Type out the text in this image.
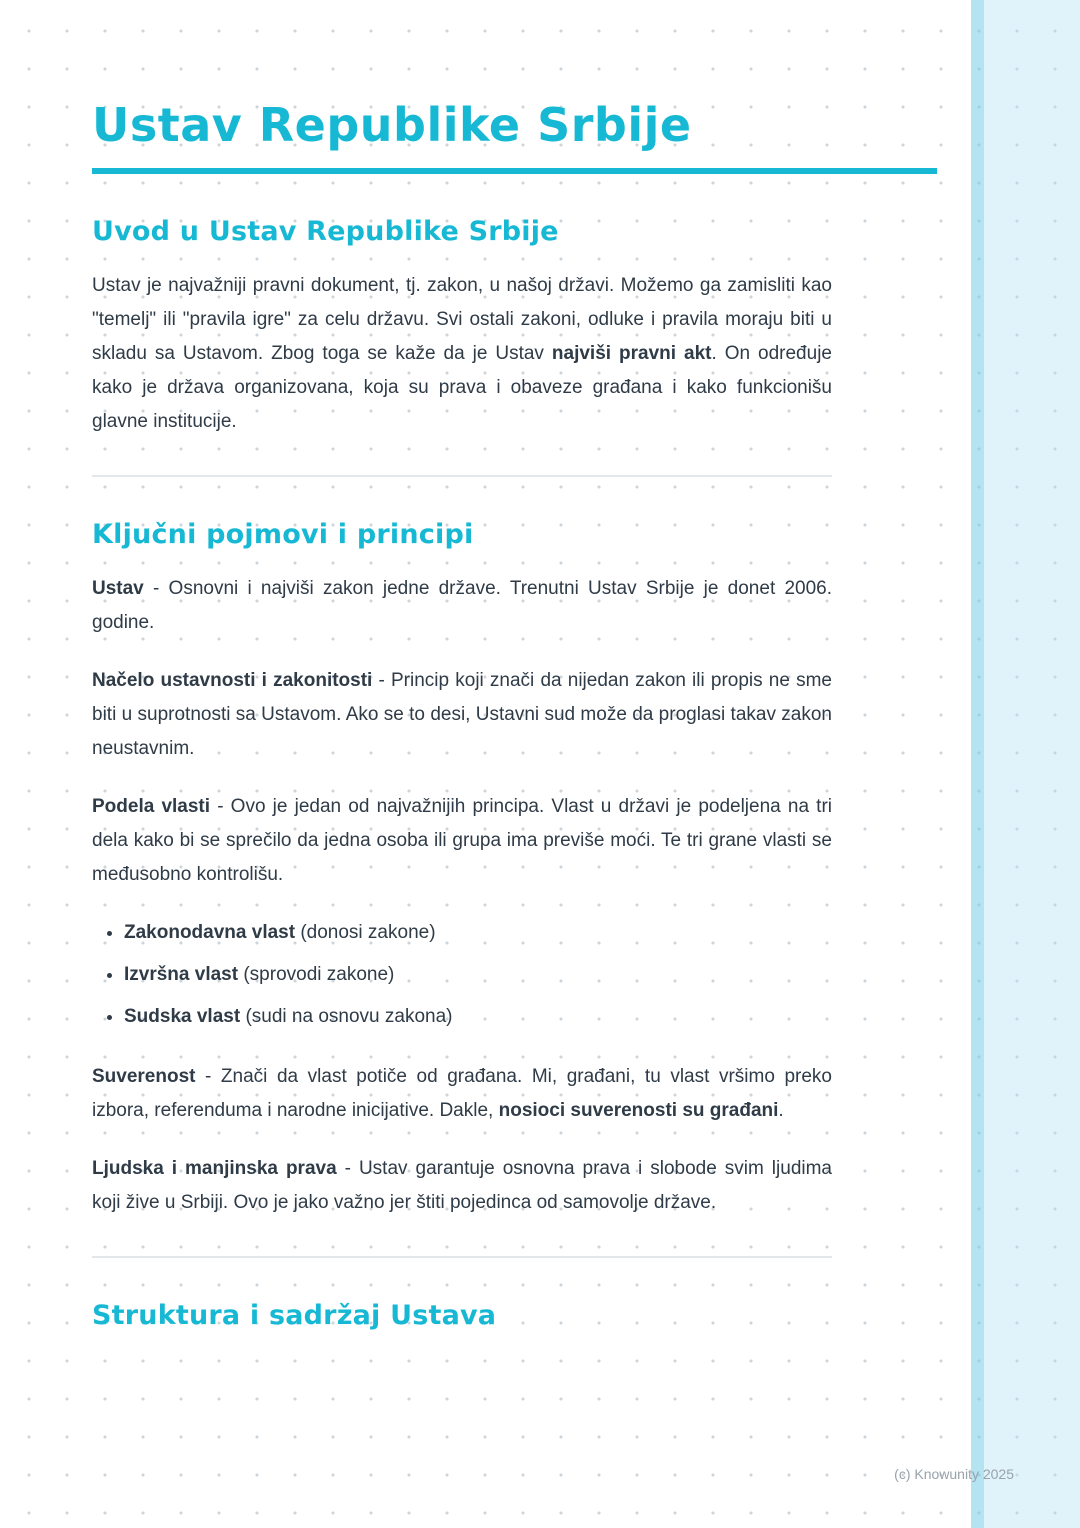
Ustav Republike Srbije
Uvod u Ustav Republike Srbije

Ustav je najvažniji pravni dokument, tj. zakon, u našoj državi. Možemo ga zamisliti kao "temelj" ili "pravila igre" za celu državu. Svi ostali zakoni, odluke i pravila moraju biti u skladu sa Ustavom. Zbog toga se kaže da je Ustav najviši pravni akt. On određuje kako je država organizovana, koja su prava i obaveze građana i kako funkcionišu glavne institucije.

Ključni pojmovi i principi

Ustav - Osnovni i najviši zakon jedne države. Trenutni Ustav Srbije je donet 2006. godine.

Načelo ustavnosti i zakonitosti - Princip koji znači da nijedan zakon ili propis ne sme biti u suprotnosti sa Ustavom. Ako se to desi, Ustavni sud može da proglasi takav zakon neustavnim.

Podela vlasti - Ovo je jedan od najvažnijih principa. Vlast u državi je podeljena na tri dela kako bi se sprečilo da jedna osoba ili grupa ima previše moći. Te tri grane vlasti se međusobno kontrolišu.

• Zakonodavna vlast (donosi zakone)
• Izvršna vlast (sprovodi zakone)
• Sudska vlast (sudi na osnovu zakona)

Suverenost - Znači da vlast potiče od građana. Mi, građani, tu vlast vršimo preko izbora, referenduma i narodne inicijative. Dakle, nosioci suverenosti su građani.

Ljudska i manjinska prava - Ustav garantuje osnovna prava i slobode svim ljudima koji žive u Srbiji. Ovo je jako važno jer štiti pojedinca od samovolje države.

Struktura i sadržaj Ustava
(c) Knowunity 2025
